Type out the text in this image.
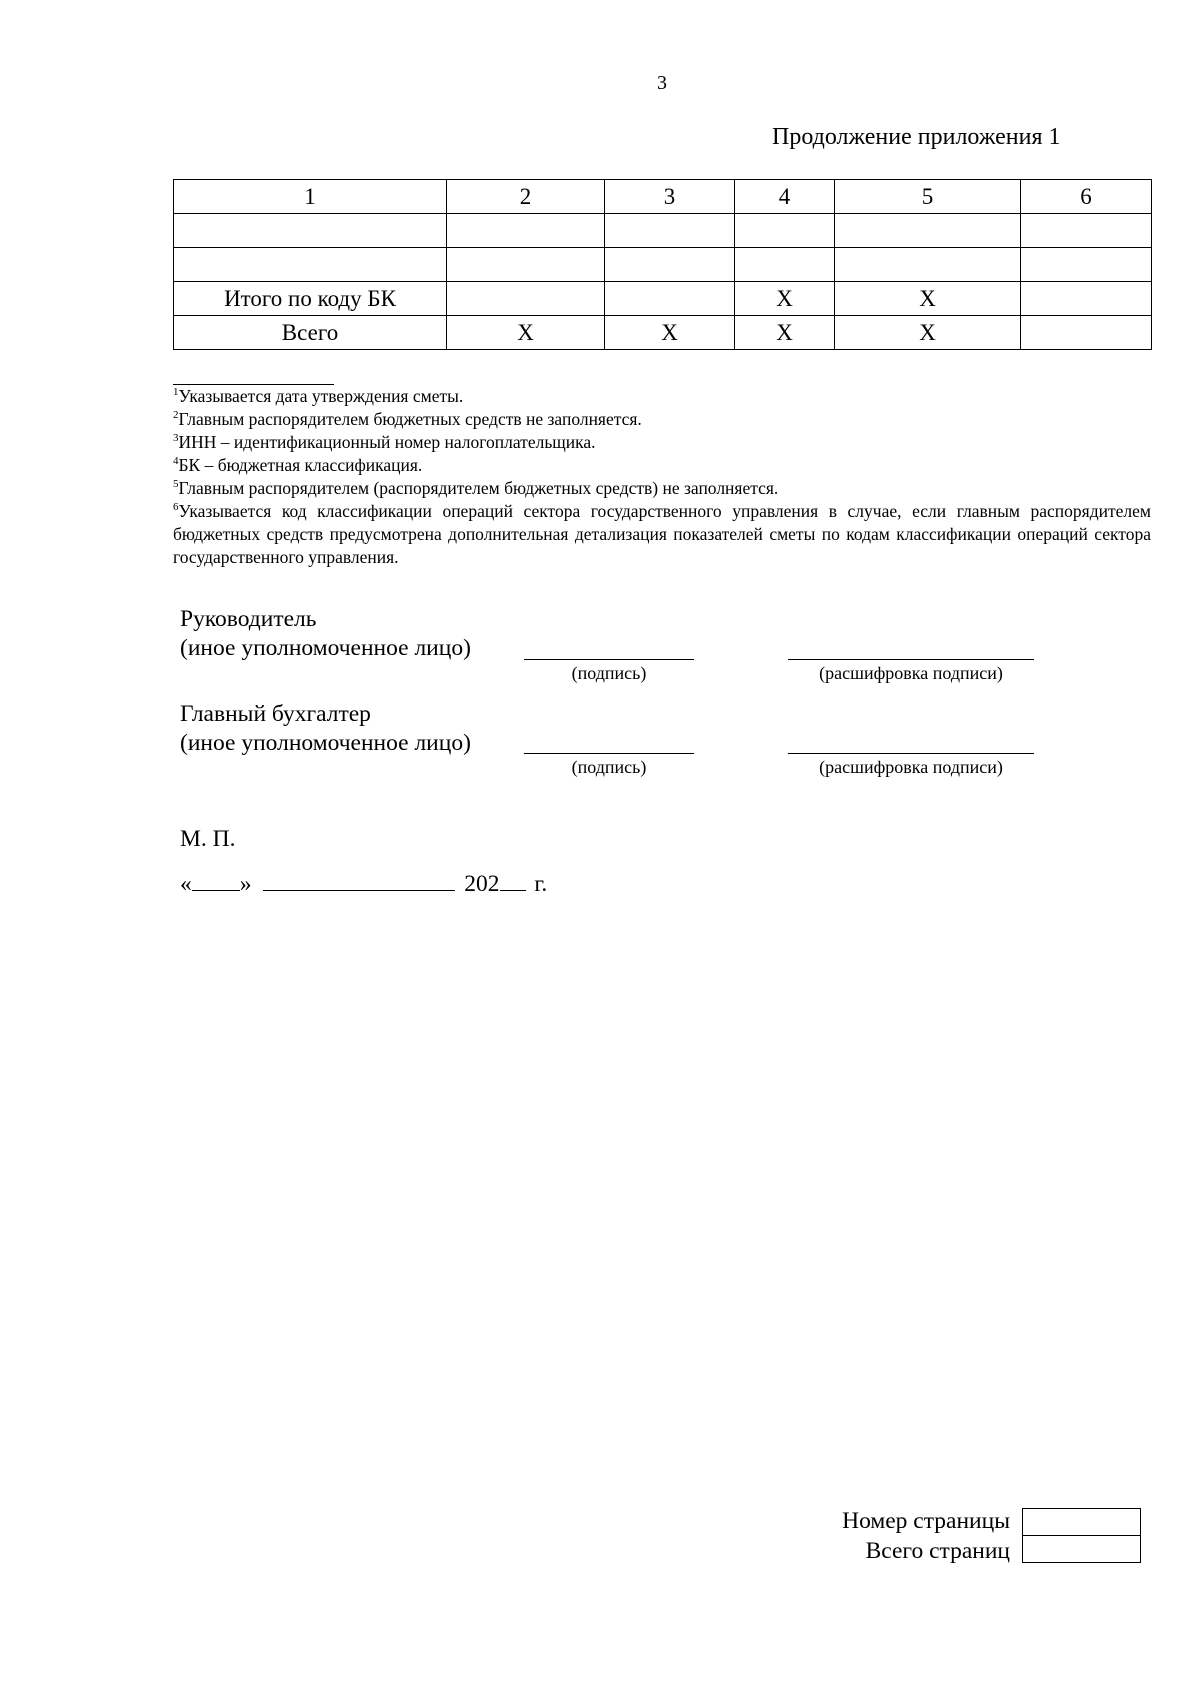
3
Продолжение приложения 1
1	2	3	4	5	6

Итого по коду БК			X	X	
Всего	X	X	X	X	

$^1$Указывается дата утверждения сметы.

$^2$Главным распорядителем бюджетных средств не заполняется.

$^3$ИНН – идентификационный номер налогоплательщика.

$^4$БК – бюджетная классификация.

$^5$Главным распорядителем (распорядителем бюджетных средств) не заполняется.

$^6$Указывается код классификации операций сектора государственного управления в случае, если главным распорядителем бюджетных средств предусмотрена дополнительная детализация показателей сметы по кодам классификации операций сектора государственного управления.

Руководитель
(иное уполномоченное лицо)
(подпись)	(расшифровка подписи)
Главный бухгалтер
(иное уполномоченное лицо)
(подпись)	(расшифровка подписи)
М. П.
« »	202 г.
Номер страницы
Всего страниц
